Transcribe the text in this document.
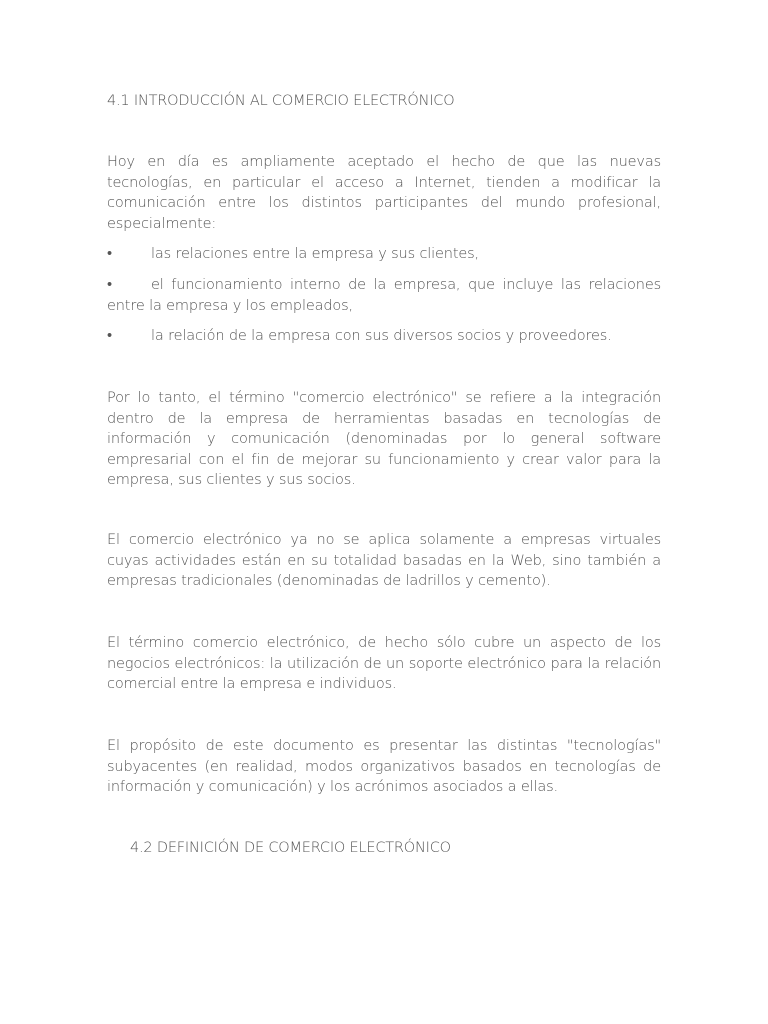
4.1 INTRODUCCIÓN AL COMERCIO ELECTRÓNICO
Hoy en día es ampliamente aceptado el hecho de que las nuevas tecnologías, en particular el acceso a Internet, tienden a modificar la comunicación entre los distintos participantes del mundo profesional, especialmente:
•	las relaciones entre la empresa y sus clientes,
•	el funcionamiento interno de la empresa, que incluye las relaciones entre la empresa y los empleados,
•	la relación de la empresa con sus diversos socios y proveedores.
Por lo tanto, el término "comercio electrónico" se refiere a la integración dentro de la empresa de herramientas basadas en tecnologías de información y comunicación (denominadas por lo general software empresarial con el fin de mejorar su funcionamiento y crear valor para la empresa, sus clientes y sus socios.
El comercio electrónico ya no se aplica solamente a empresas virtuales cuyas actividades están en su totalidad basadas en la Web, sino también a empresas tradicionales (denominadas de ladrillos y cemento).
El término comercio electrónico, de hecho sólo cubre un aspecto de los negocios electrónicos: la utilización de un soporte electrónico para la relación comercial entre la empresa e individuos.
El propósito de este documento es presentar las distintas "tecnologías" subyacentes (en realidad, modos organizativos basados en tecnologías de información y comunicación) y los acrónimos asociados a ellas.
4.2 DEFINICIÓN DE COMERCIO ELECTRÓNICO
